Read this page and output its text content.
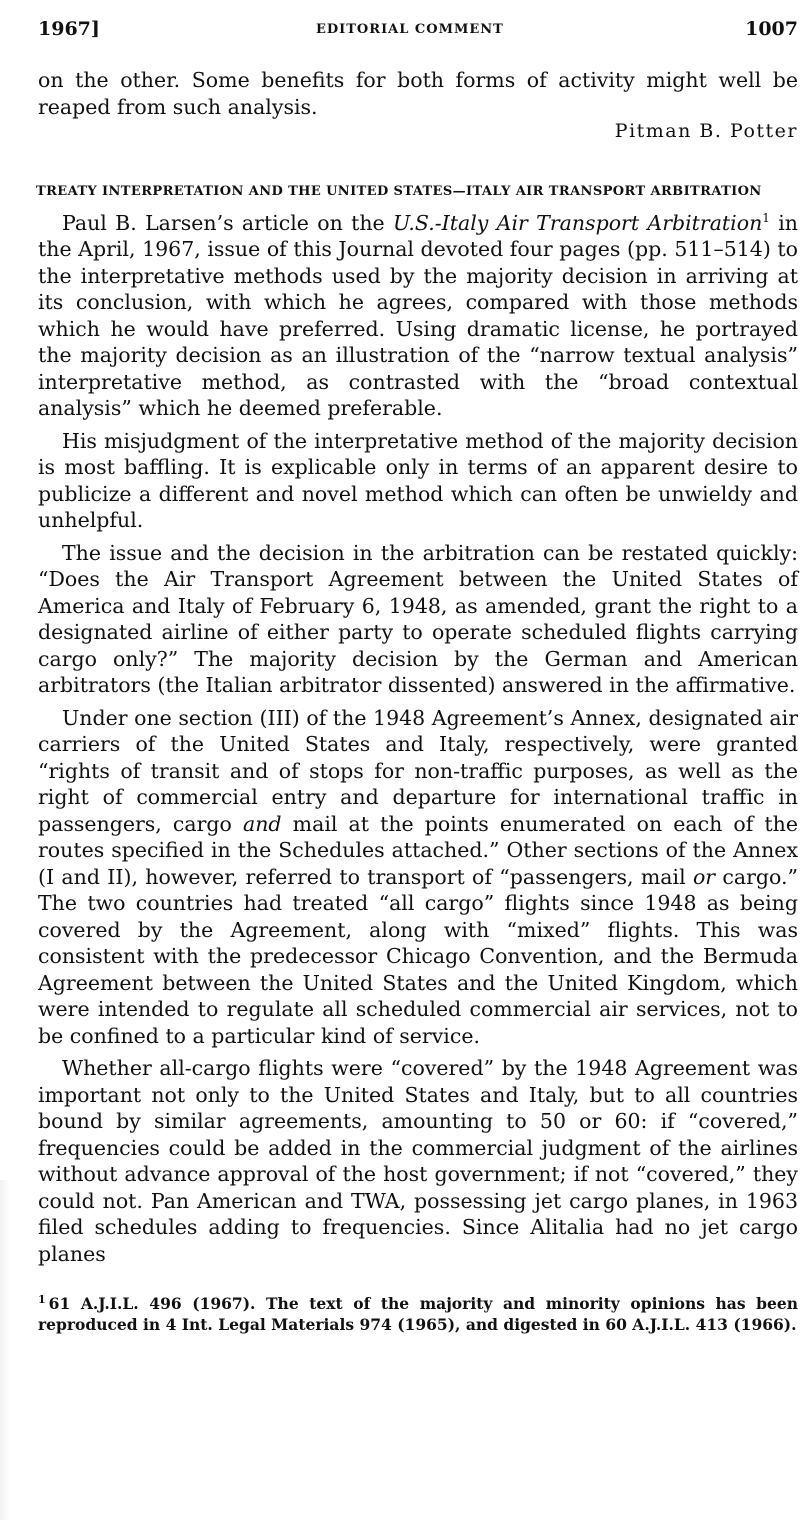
1967]	EDITORIAL COMMENT	1007

on the other. Some benefits for both forms of activity might well be reaped from such analysis.

Pitman B. Potter

TREATY INTERPRETATION AND THE UNITED STATES—ITALY AIR TRANSPORT ARBITRATION

Paul B. Larsen’s article on the U.S.-Italy Air Transport Arbitration$^1$ in the April, 1967, issue of this Journal devoted four pages (pp. 511–514) to the interpretative methods used by the majority decision in arriving at its conclusion, with which he agrees, compared with those methods which he would have preferred. Using dramatic license, he portrayed the majority decision as an illustration of the “narrow textual analysis” interpretative method, as contrasted with the “broad contextual analysis” which he deemed preferable.

His misjudgment of the interpretative method of the majority decision is most baffling. It is explicable only in terms of an apparent desire to publicize a different and novel method which can often be unwieldy and unhelpful.

The issue and the decision in the arbitration can be restated quickly: “Does the Air Transport Agreement between the United States of America and Italy of February 6, 1948, as amended, grant the right to a designated airline of either party to operate scheduled flights carrying cargo only?” The majority decision by the German and American arbitrators (the Italian arbitrator dissented) answered in the affirmative.

Under one section (III) of the 1948 Agreement’s Annex, designated air carriers of the United States and Italy, respectively, were granted “rights of transit and of stops for non-traffic purposes, as well as the right of commercial entry and departure for international traffic in passengers, cargo and mail at the points enumerated on each of the routes specified in the Schedules attached.” Other sections of the Annex (I and II), however, referred to transport of “passengers, mail or cargo.” The two countries had treated “all cargo” flights since 1948 as being covered by the Agreement, along with “mixed” flights. This was consistent with the predecessor Chicago Convention, and the Bermuda Agreement between the United States and the United Kingdom, which were intended to regulate all scheduled commercial air services, not to be confined to a particular kind of service.

Whether all-cargo flights were “covered” by the 1948 Agreement was important not only to the United States and Italy, but to all countries bound by similar agreements, amounting to 50 or 60: if “covered,” frequencies could be added in the commercial judgment of the airlines without advance approval of the host government; if not “covered,” they could not. Pan American and TWA, possessing jet cargo planes, in 1963 filed schedules adding to frequencies. Since Alitalia had no jet cargo planes

$^1$ 61 A.J.I.L. 496 (1967). The text of the majority and minority opinions has been reproduced in 4 Int. Legal Materials 974 (1965), and digested in 60 A.J.I.L. 413 (1966).
